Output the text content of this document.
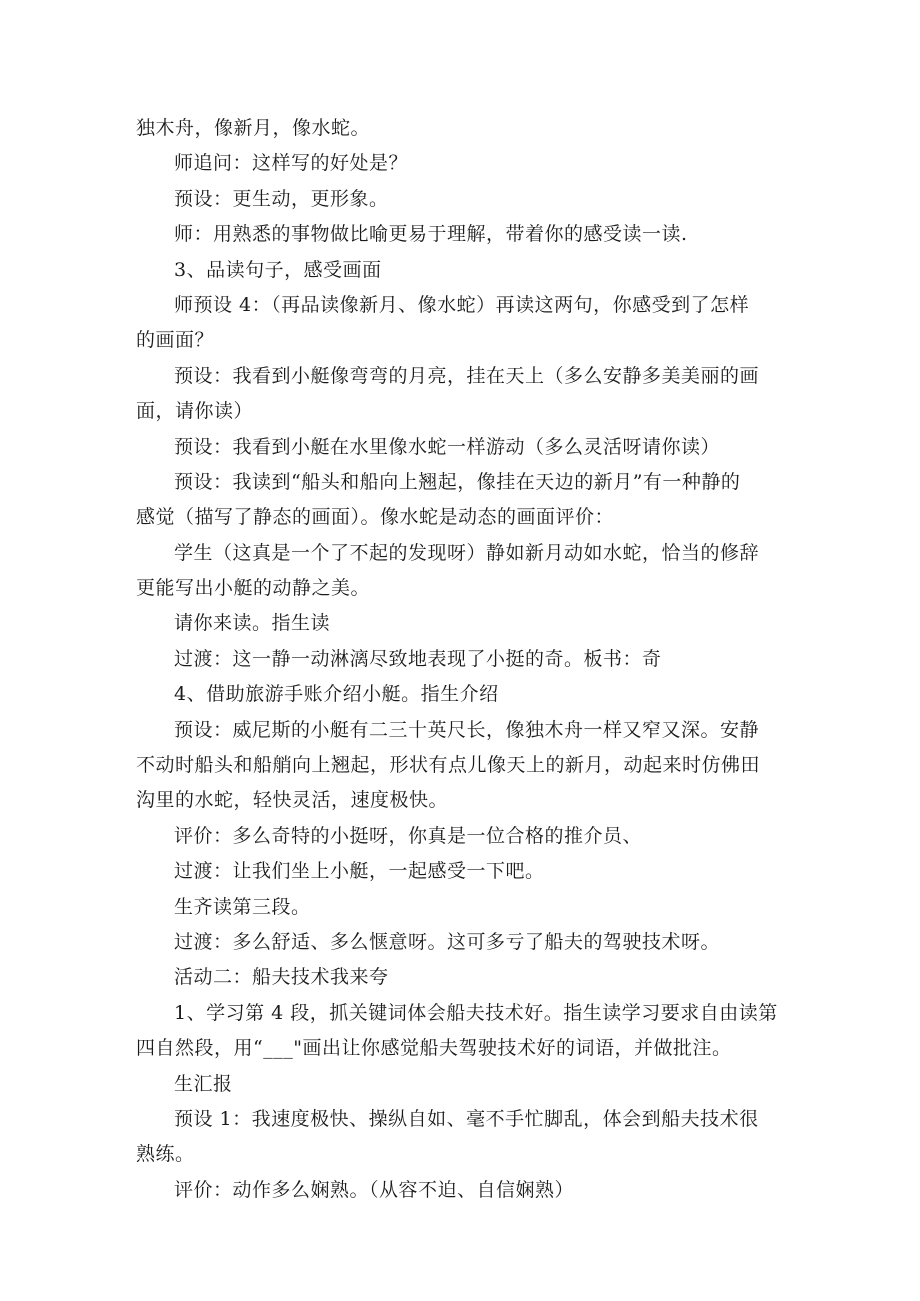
独木舟，像新月，像水蛇。
师追问：这样写的好处是？
预设：更生动，更形象。
师：用熟悉的事物做比喻更易于理解，带着你的感受读一读.
3、品读句子，感受画面
师预设 4：（再品读像新月、像水蛇）再读这两句，你感受到了怎样
的画面？
预设：我看到小艇像弯弯的月亮，挂在天上（多么安静多美美丽的画
面，请你读）
预设：我看到小艇在水里像水蛇一样游动（多么灵活呀请你读）
预设：我读到“船头和船向上翘起，像挂在天边的新月”有一种静的
感觉（描写了静态的画面）。像水蛇是动态的画面评价：
学生（这真是一个了不起的发现呀）静如新月动如水蛇，恰当的修辞
更能写出小艇的动静之美。
请你来读。指生读
过渡：这一静一动淋漓尽致地表现了小挺的奇。板书：奇
4、借助旅游手账介绍小艇。指生介绍
预设：威尼斯的小艇有二三十英尺长，像独木舟一样又窄又深。安静
不动时船头和船艄向上翘起，形状有点儿像天上的新月，动起来时仿佛田
沟里的水蛇，轻快灵活，速度极快。
评价：多么奇特的小挺呀，你真是一位合格的推介员、
过渡：让我们坐上小艇，一起感受一下吧。
生齐读第三段。
过渡：多么舒适、多么惬意呀。这可多亏了船夫的驾驶技术呀。
活动二：船夫技术我来夸
1、学习第 4 段，抓关键词体会船夫技术好。指生读学习要求自由读第
四自然段，用“___"画出让你感觉船夫驾驶技术好的词语，并做批注。
生汇报
预设 1：我速度极快、操纵自如、毫不手忙脚乱，体会到船夫技术很
熟练。
评价：动作多么娴熟。（从容不迫、自信娴熟）
